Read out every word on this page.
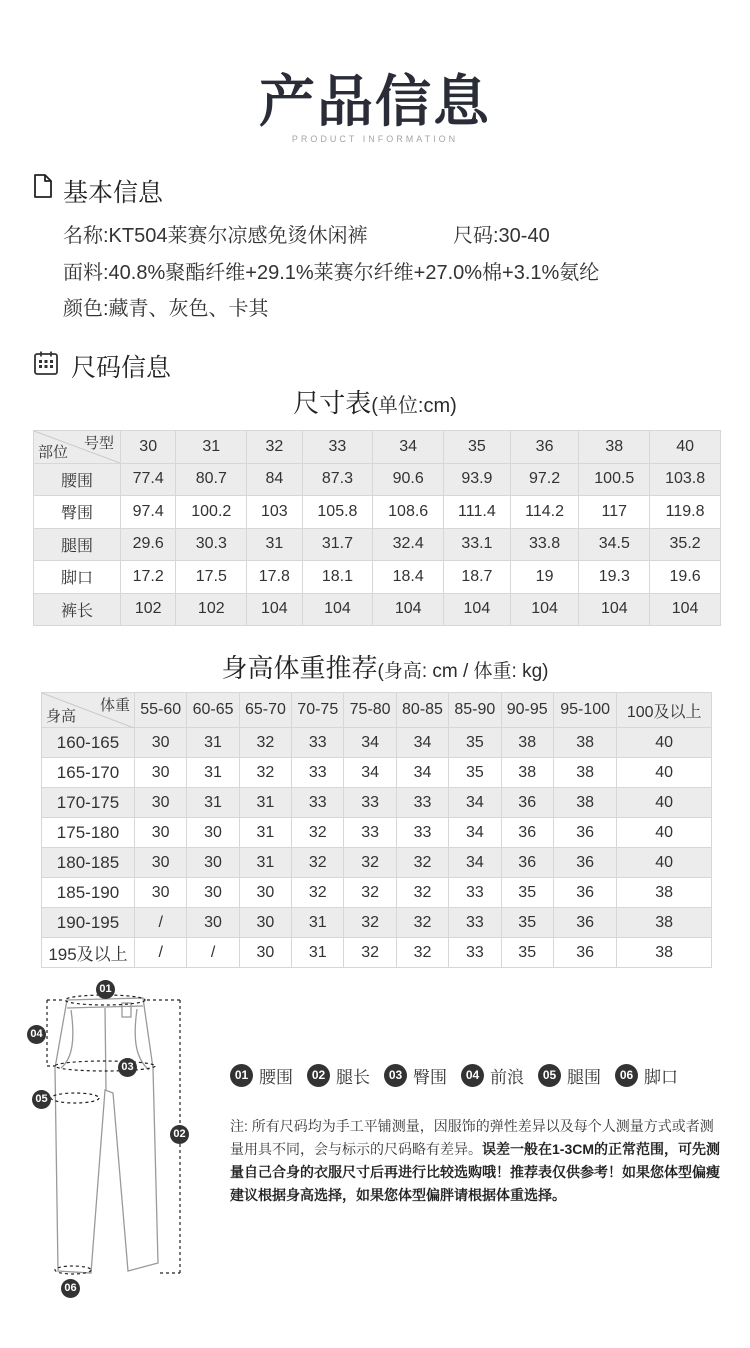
产品信息
PRODUCT INFORMATION
基本信息
名称:KT504莱赛尔凉感免烫休闲裤	尺码:30-40
面料:40.8%聚酯纤维+29.1%莱赛尔纤维+27.0%棉+3.1%氨纶
颜色:藏青、灰色、卡其
尺码信息
尺寸表(单位:cm)
号型
部位	30	31	32	33	34	35	36	38	40
腰围	77.4	80.7	84	87.3	90.6	93.9	97.2	100.5	103.8
臀围	97.4	100.2	103	105.8	108.6	111.4	114.2	117	119.8
腿围	29.6	30.3	31	31.7	32.4	33.1	33.8	34.5	35.2
脚口	17.2	17.5	17.8	18.1	18.4	18.7	19	19.3	19.6
裤长	102	102	104	104	104	104	104	104	104
身高体重推荐(身高: cm / 体重: kg)
体重
身高	55-60	60-65	65-70	70-75	75-80	80-85	85-90	90-95	95-100	100及以上
160-165	30	31	32	33	34	34	35	38	38	40
165-170	30	31	32	33	34	34	35	38	38	40
170-175	30	31	31	33	33	33	34	36	38	40
175-180	30	30	31	32	33	33	34	36	36	40
180-185	30	30	31	32	32	32	34	36	36	40
185-190	30	30	30	32	32	32	33	35	36	38
190-195	/	30	30	31	32	32	33	35	36	38
195及以上	/	/	30	31	32	32	33	35	36	38
01
04
03
05
02
06
01 腰围	02 腿长	03 臀围	04 前浪	05 腿围	06 脚口
注: 所有尺码均为手工平铺测量，因服饰的弹性差异以及每个人测量方式或者测量用具不同，会与标示的尺码略有差异。误差一般在1-3CM的正常范围，可先测量自己合身的衣服尺寸后再进行比较选购哦！推荐表仅供参考！如果您体型偏瘦建议根据身高选择，如果您体型偏胖请根据体重选择。
